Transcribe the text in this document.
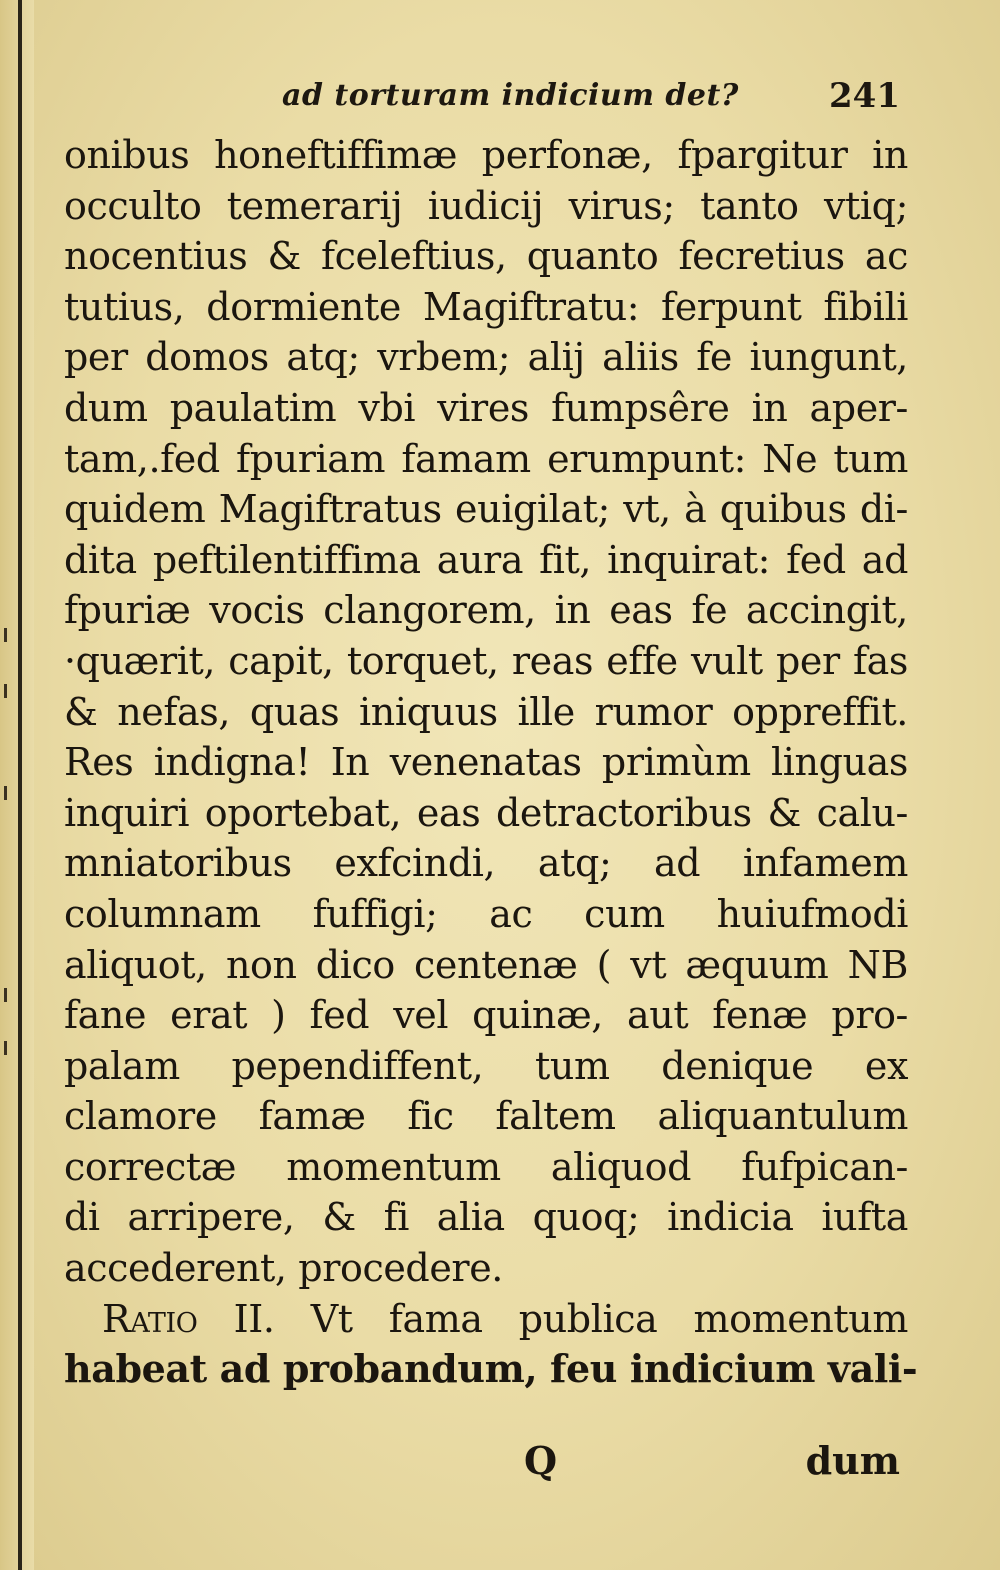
ad torturam indicium det?	241
onibus honeftiffimæ perfonæ, fpargitur in
occulto temerarij iudicij virus; tanto vtiq;
nocentius & fceleftius, quanto fecretius ac
tutius, dormiente Magiftratu: ferpunt fibili
per domos atq; vrbem; alij aliis fe iungunt,
dum paulatim vbi vires fumpsêre in aper-
tam,.fed fpuriam famam erumpunt: Ne tum
quidem Magiftratus euigilat; vt, à quibus di-
dita peftilentiffima aura fit, inquirat: fed ad
fpuriæ vocis clangorem, in eas fe accingit,
·quærit, capit, torquet, reas effe vult per fas
& nefas, quas iniquus ille rumor oppreffit.
Res indigna! In venenatas primùm linguas
inquiri oportebat, eas detractoribus & calu-
mniatoribus exfcindi, atq; ad infamem
columnam fuffigi; ac cum huiufmodi
aliquot, non dico centenæ ( vt æquum NB
fane erat ) fed vel quinæ, aut fenæ pro-
palam pependiffent, tum denique ex
clamore famæ fic faltem aliquantulum
correctæ momentum aliquod fufpican-
di arripere, & fi alia quoq; indicia iufta
accederent, procedere.
Ratio II. Vt fama publica momentum
habeat ad probandum, feu indicium vali-
Q	dum
